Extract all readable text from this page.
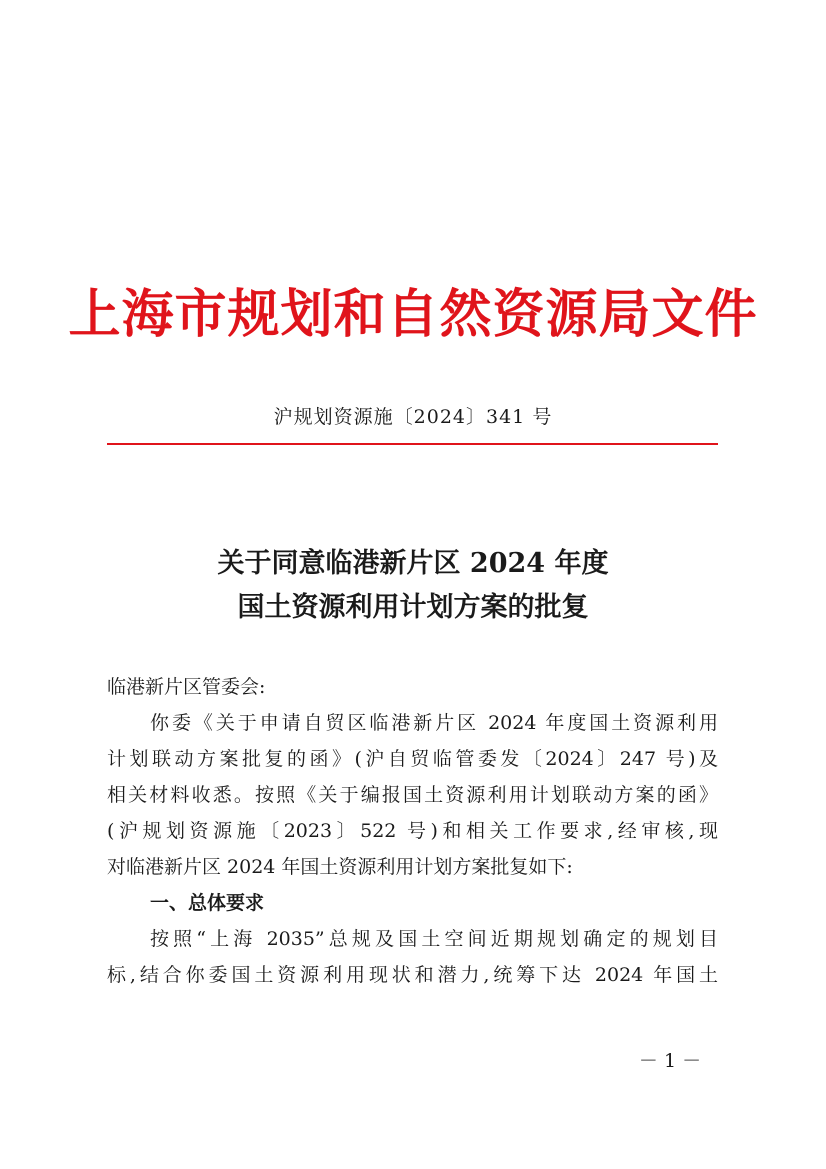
上海市规划和自然资源局文件
沪规划资源施〔2024〕341 号
关于同意临港新片区 2024 年度
国土资源利用计划方案的批复
临港新片区管委会:
你委《关于申请自贸区临港新片区 2024 年度国土资源利用
计划联动方案批复的函》(沪自贸临管委发〔2024〕247 号)及
相关材料收悉。按照《关于编报国土资源利用计划联动方案的函》
(沪规划资源施〔2023〕522 号)和相关工作要求,经审核,现
对临港新片区 2024 年国土资源利用计划方案批复如下:
一、总体要求
按照“上海 2035”总规及国土空间近期规划确定的规划目
标,结合你委国土资源利用现状和潜力,统筹下达 2024 年国土
－ 1 －
